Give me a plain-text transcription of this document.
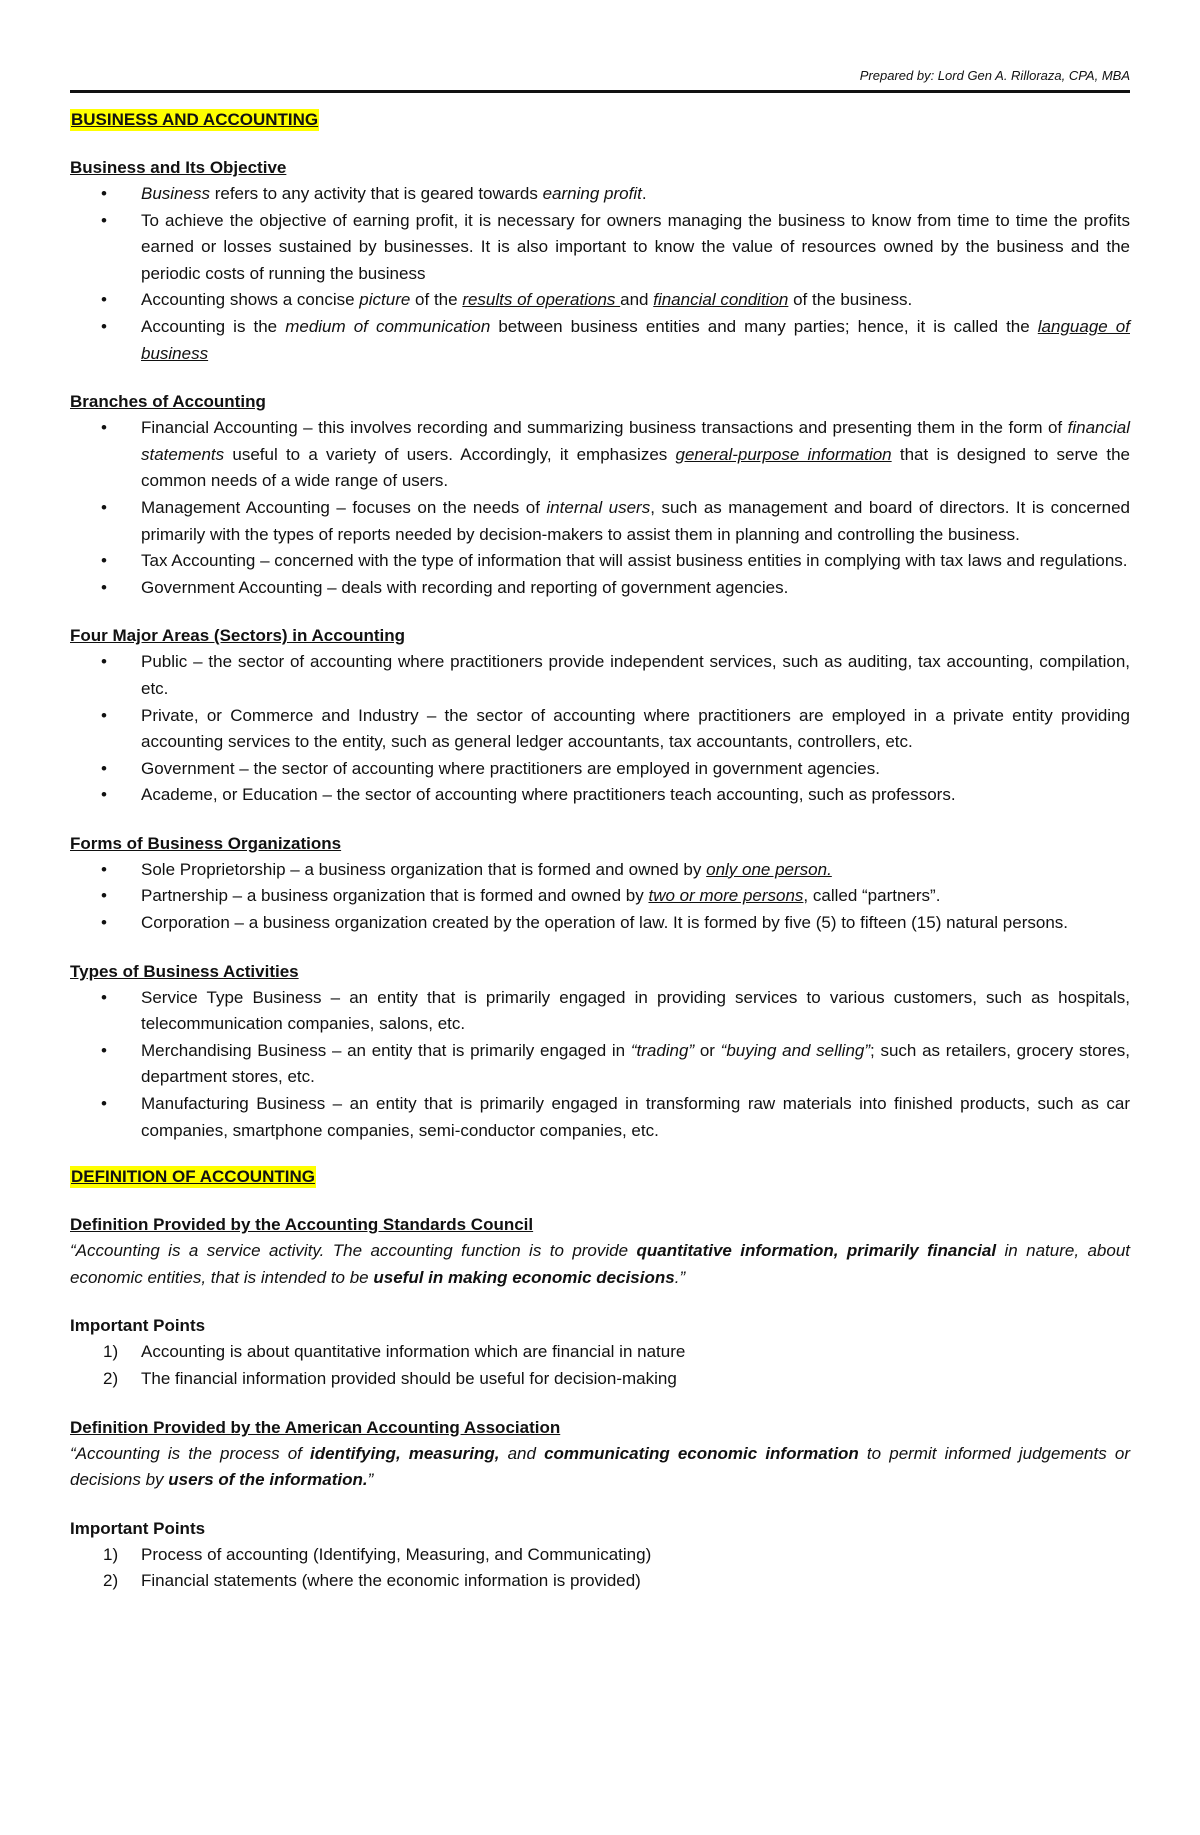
Prepared by: Lord Gen A. Rilloraza, CPA, MBA
BUSINESS AND ACCOUNTING
Business and Its Objective
• Business refers to any activity that is geared towards earning profit.
• To achieve the objective of earning profit, it is necessary for owners managing the business to know from time to time the profits earned or losses sustained by businesses. It is also important to know the value of resources owned by the business and the periodic costs of running the business
• Accounting shows a concise picture of the results of operations and financial condition of the business.
• Accounting is the medium of communication between business entities and many parties; hence, it is called the language of business
Branches of Accounting
• Financial Accounting – this involves recording and summarizing business transactions and presenting them in the form of financial statements useful to a variety of users. Accordingly, it emphasizes general-purpose information that is designed to serve the common needs of a wide range of users.
• Management Accounting – focuses on the needs of internal users, such as management and board of directors. It is concerned primarily with the types of reports needed by decision-makers to assist them in planning and controlling the business.
• Tax Accounting – concerned with the type of information that will assist business entities in complying with tax laws and regulations.
• Government Accounting – deals with recording and reporting of government agencies.
Four Major Areas (Sectors) in Accounting
• Public – the sector of accounting where practitioners provide independent services, such as auditing, tax accounting, compilation, etc.
• Private, or Commerce and Industry – the sector of accounting where practitioners are employed in a private entity providing accounting services to the entity, such as general ledger accountants, tax accountants, controllers, etc.
• Government – the sector of accounting where practitioners are employed in government agencies.
• Academe, or Education – the sector of accounting where practitioners teach accounting, such as professors.
Forms of Business Organizations
• Sole Proprietorship – a business organization that is formed and owned by only one person.
• Partnership – a business organization that is formed and owned by two or more persons, called “partners”.
• Corporation – a business organization created by the operation of law. It is formed by five (5) to fifteen (15) natural persons.
Types of Business Activities
• Service Type Business – an entity that is primarily engaged in providing services to various customers, such as hospitals, telecommunication companies, salons, etc.
• Merchandising Business – an entity that is primarily engaged in “trading” or “buying and selling”; such as retailers, grocery stores, department stores, etc.
• Manufacturing Business – an entity that is primarily engaged in transforming raw materials into finished products, such as car companies, smartphone companies, semi-conductor companies, etc.
DEFINITION OF ACCOUNTING
Definition Provided by the Accounting Standards Council
“Accounting is a service activity. The accounting function is to provide quantitative information, primarily financial in nature, about economic entities, that is intended to be useful in making economic decisions.”
Important Points
1) Accounting is about quantitative information which are financial in nature
2) The financial information provided should be useful for decision-making
Definition Provided by the American Accounting Association
“Accounting is the process of identifying, measuring, and communicating economic information to permit informed judgements or decisions by users of the information.”
Important Points
1) Process of accounting (Identifying, Measuring, and Communicating)
2) Financial statements (where the economic information is provided)
